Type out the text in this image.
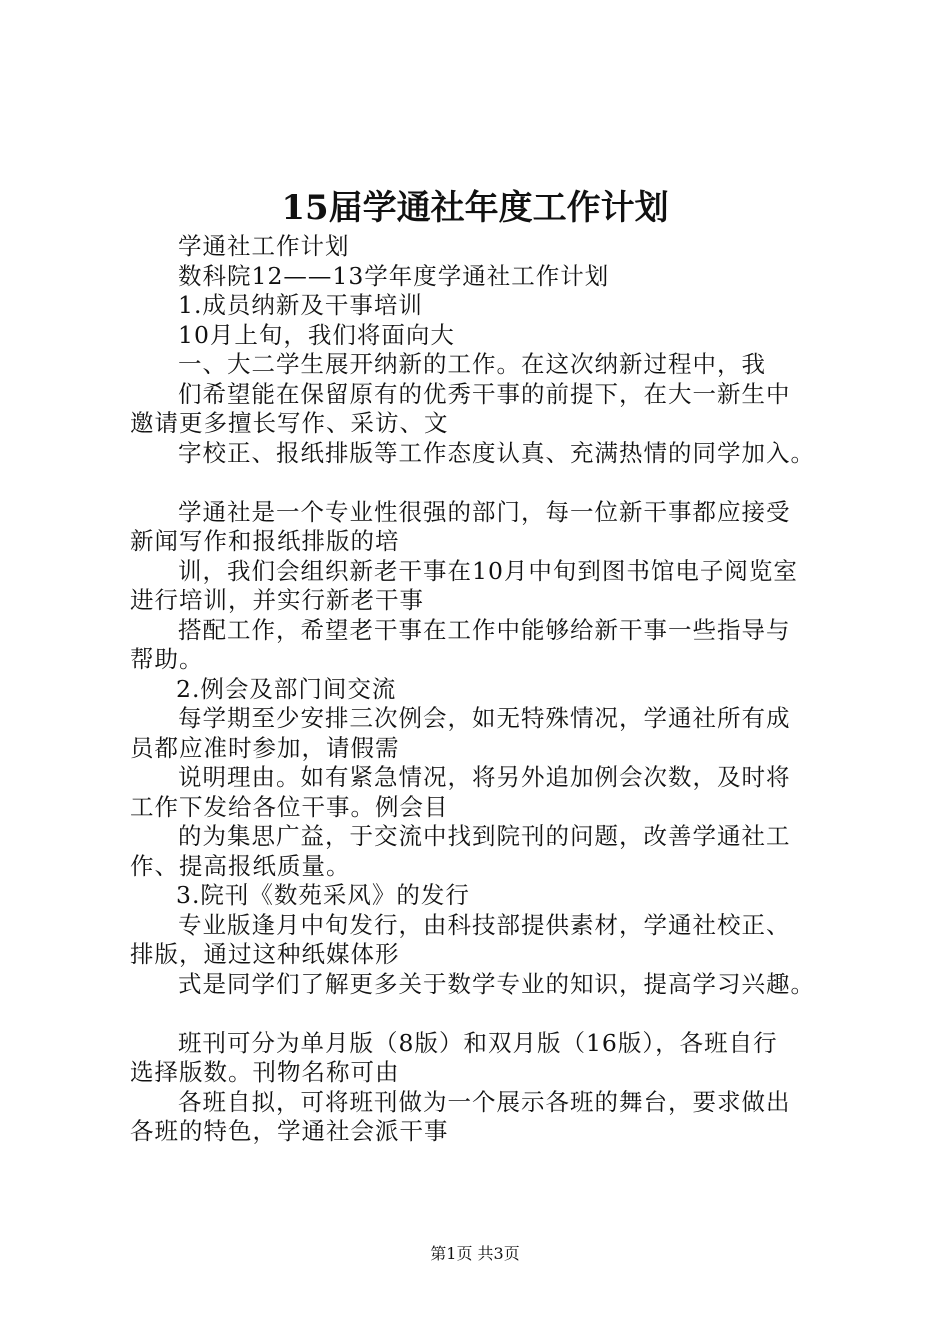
15届学通社年度工作计划

学通社工作计划

数科院12——13学年度学通社工作计划

1.成员纳新及干事培训

10月上旬，我们将面向大

一、大二学生展开纳新的工作。在这次纳新过程中，我

们希望能在保留原有的优秀干事的前提下，在大一新生中

邀请更多擅长写作、采访、文

字校正、报纸排版等工作态度认真、充满热情的同学加入。

学通社是一个专业性很强的部门，每一位新干事都应接受

新闻写作和报纸排版的培

训，我们会组织新老干事在10月中旬到图书馆电子阅览室

进行培训，并实行新老干事

搭配工作，希望老干事在工作中能够给新干事一些指导与

帮助。

2.例会及部门间交流

每学期至少安排三次例会，如无特殊情况，学通社所有成

员都应准时参加，请假需

说明理由。如有紧急情况，将另外追加例会次数，及时将

工作下发给各位干事。例会目

的为集思广益，于交流中找到院刊的问题，改善学通社工

作、提高报纸质量。

3.院刊《数苑采风》的发行

专业版逢月中旬发行，由科技部提供素材，学通社校正、

排版，通过这种纸媒体形

式是同学们了解更多关于数学专业的知识，提高学习兴趣。

班刊可分为单月版（8版）和双月版（16版），各班自行

选择版数。刊物名称可由

各班自拟，可将班刊做为一个展示各班的舞台，要求做出

各班的特色，学通社会派干事

第1页 共3页
